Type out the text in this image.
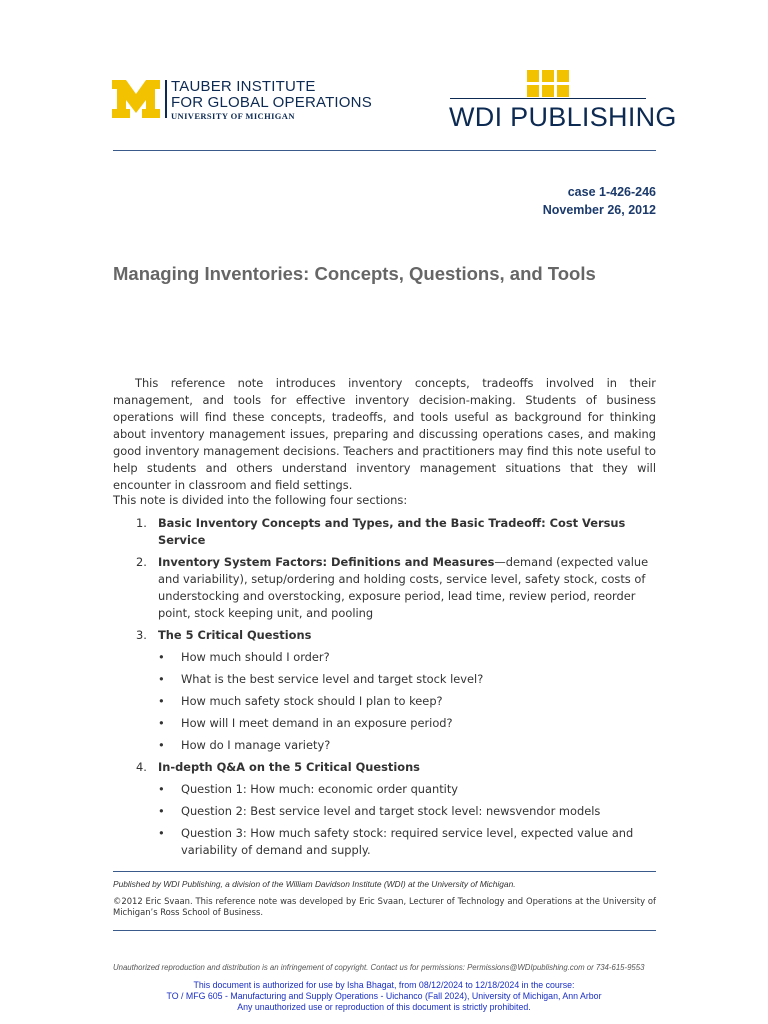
TAUBER INSTITUTE
FOR GLOBAL OPERATIONS
UNIVERSITY OF MICHIGAN	WDI PUBLISHING
case 1-426-246
November 26, 2012
Managing Inventories: Concepts, Questions, and Tools
This reference note introduces inventory concepts, tradeoffs involved in their management, and tools for effective inventory decision-making. Students of business operations will find these concepts, tradeoffs, and tools useful as background for thinking about inventory management issues, preparing and discussing operations cases, and making good inventory management decisions. Teachers and practitioners may find this note useful to help students and others understand inventory management situations that they will encounter in classroom and field settings.
This note is divided into the following four sections:
1. Basic Inventory Concepts and Types, and the Basic Tradeoff: Cost Versus Service
2. Inventory System Factors: Definitions and Measures—demand (expected value and variability), setup/ordering and holding costs, service level, safety stock, costs of understocking and overstocking, exposure period, lead time, review period, reorder point, stock keeping unit, and pooling
3. The 5 Critical Questions
• How much should I order?
• What is the best service level and target stock level?
• How much safety stock should I plan to keep?
• How will I meet demand in an exposure period?
• How do I manage variety?
4. In-depth Q&A on the 5 Critical Questions
• Question 1: How much: economic order quantity
• Question 2: Best service level and target stock level: newsvendor models
• Question 3: How much safety stock: required service level, expected value and variability of demand and supply.
Published by WDI Publishing, a division of the William Davidson Institute (WDI) at the University of Michigan.
©2012 Eric Svaan. This reference note was developed by Eric Svaan, Lecturer of Technology and Operations at the University of Michigan’s Ross School of Business.
Unauthorized reproduction and distribution is an infringement of copyright. Contact us for permissions: Permissions@WDIpublishing.com or 734-615-9553
This document is authorized for use by Isha Bhagat, from 08/12/2024 to 12/18/2024 in the course:
TO / MFG 605 - Manufacturing and Supply Operations - Uichanco (Fall 2024), University of Michigan, Ann Arbor
Any unauthorized use or reproduction of this document is strictly prohibited.
